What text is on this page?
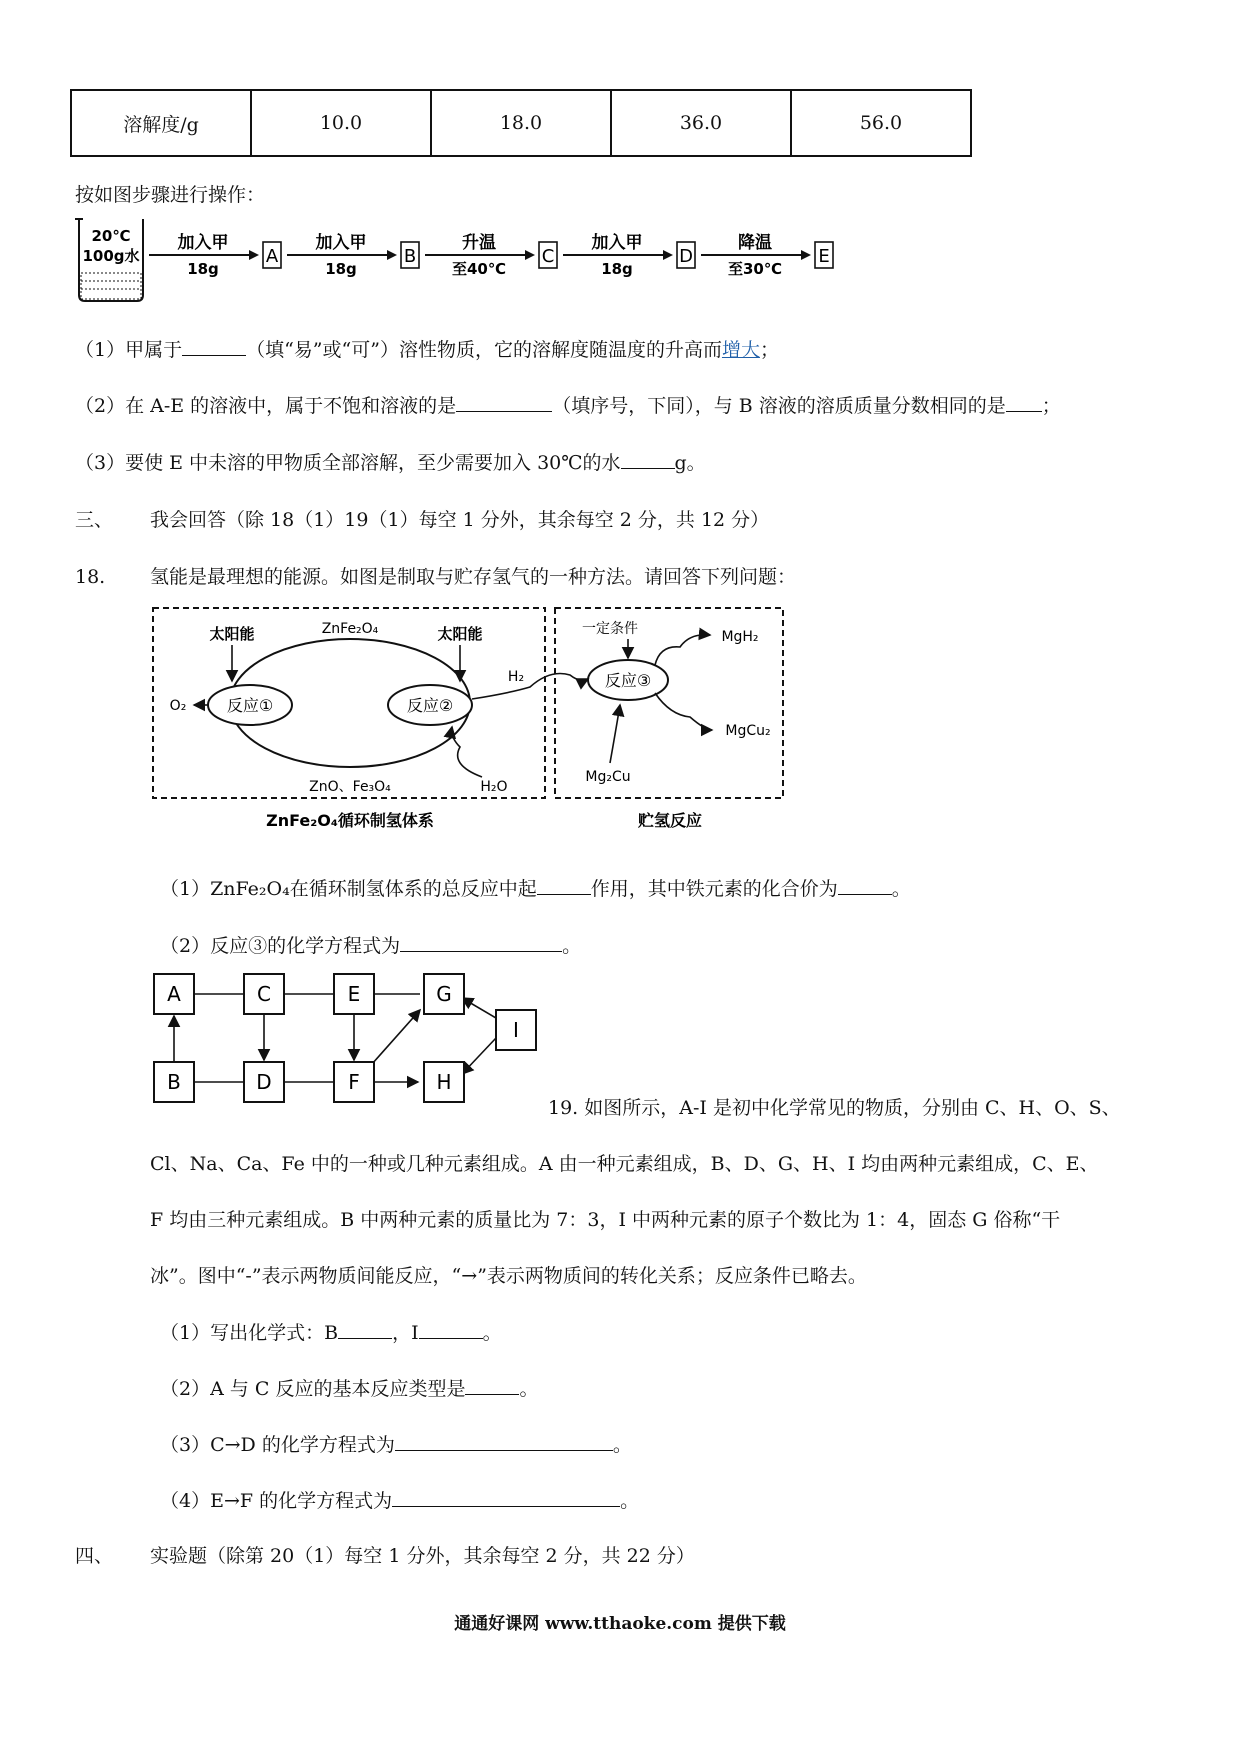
溶解度/g	10.0	18.0	36.0	56.0
按如图步骤进行操作：
20℃
100g水
加入甲
18g
A
加入甲
18g
B
升温
至40℃
C
加入甲
18g
D
降温
至30℃
E
（1）甲属于	（填“易”或“可”）溶性物质，它的溶解度随温度的升高而增大；
（2）在 A-E 的溶液中，属于不饱和溶液的是	（填序号，下同），与 B 溶液的溶质质量分数相同的是 ；
（3）要使 E 中未溶的甲物质全部溶解，至少需要加入 30℃的水	g。
三、 我会回答（除 18（1）19（1）每空 1 分外，其余每空 2 分，共 12 分）
18. 氢能是最理想的能源。如图是制取与贮存氢气的一种方法。请回答下列问题：
反应①	反应②
反应③
太阳能	太阳能
ZnFe₂O₄
O₂
ZnO、Fe₃O₄	H₂O
H₂
一定条件	MgH₂
MgCu₂
Mg₂Cu
ZnFe₂O₄循环制氢体系	贮氢反应
（1）ZnFe₂O₄在循环制氢体系的总反应中起	作用，其中铁元素的化合价为	。
（2）反应③的化学方程式为	。
A	C	E	G
B	D	F	H
I
19. 如图所示，A-I 是初中化学常见的物质，分别由 C、H、O、S、
Cl、Na、Ca、Fe 中的一种或几种元素组成。A 由一种元素组成，B、D、G、H、I 均由两种元素组成，C、E、
F 均由三种元素组成。B 中两种元素的质量比为 7：3，I 中两种元素的原子个数比为 1：4，固态 G 俗称“干
冰”。图中“-”表示两物质间能反应，“→”表示两物质间的转化关系；反应条件已略去。
（1）写出化学式：B	，I	。
（2）A 与 C 反应的基本反应类型是	。
（3）C→D 的化学方程式为	。
（4）E→F 的化学方程式为	。
四、 实验题（除第 20（1）每空 1 分外，其余每空 2 分，共 22 分）
通通好课网 www.tthaoke.com 提供下载
